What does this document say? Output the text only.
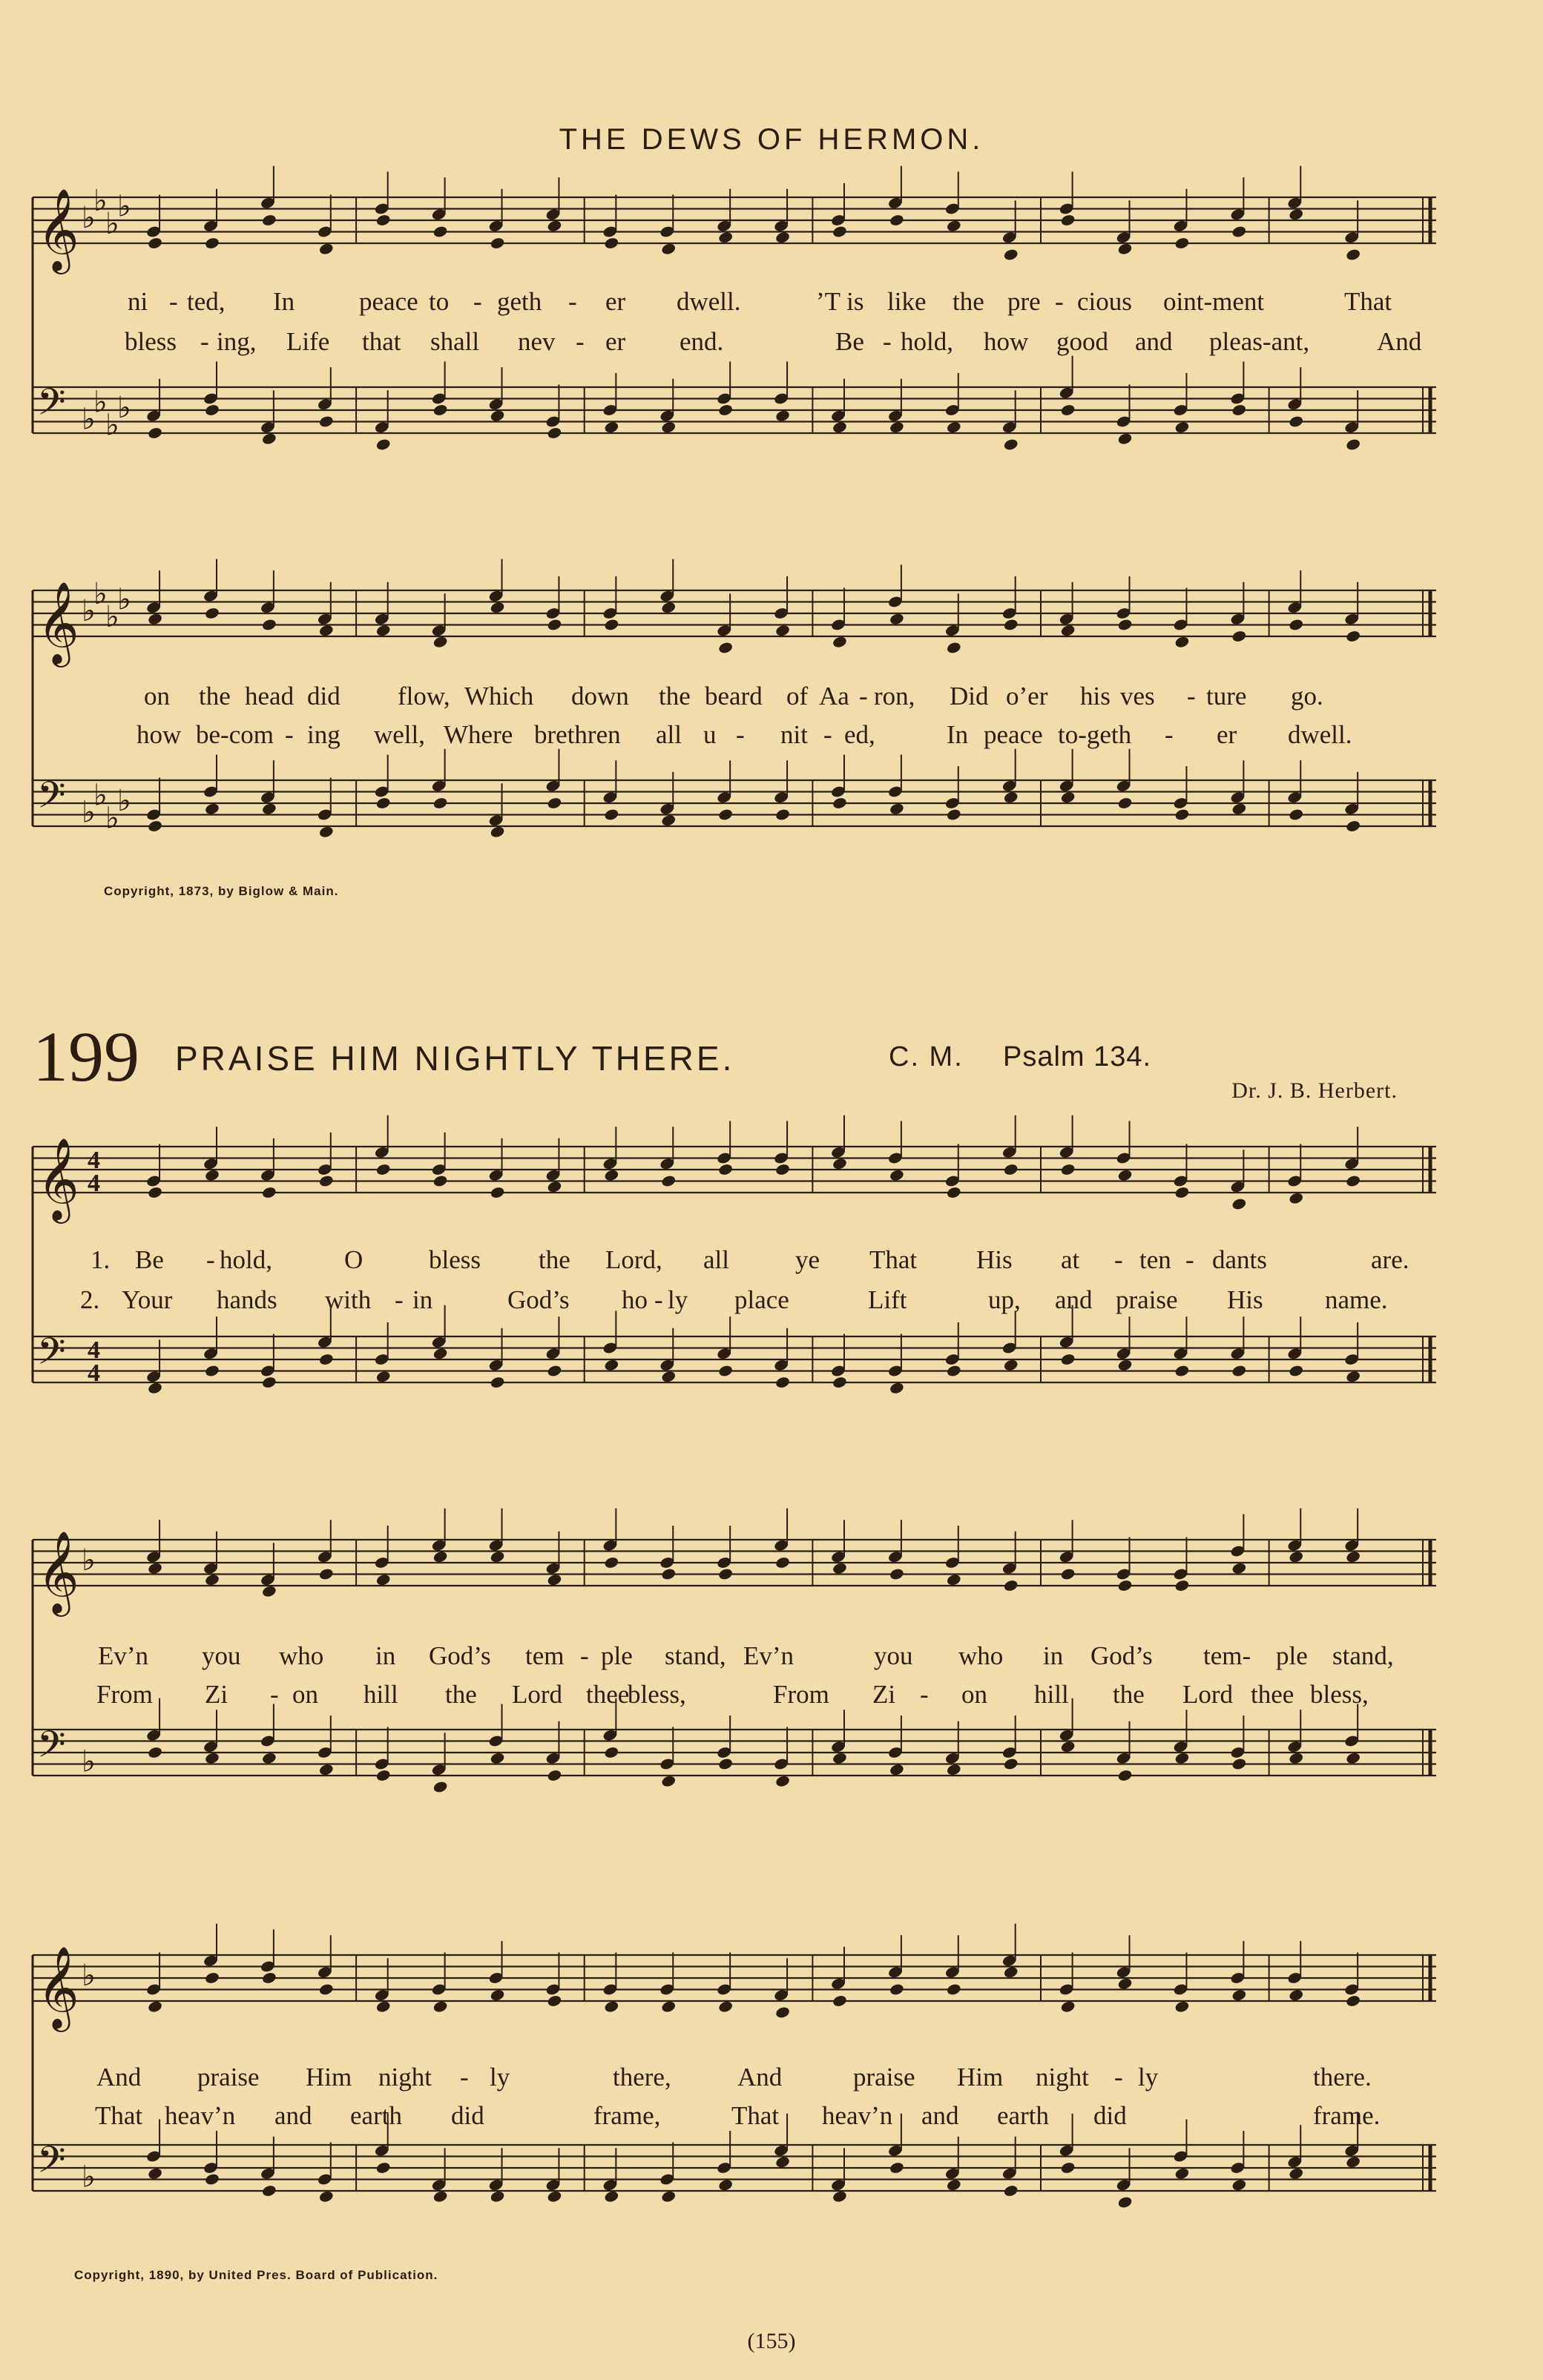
THE DEWS OF HERMON.
𝄞 ♭
♭
♭
♭
𝄢 ♭
♭
♭
♭
ni - ted, In peace to - geth - er dwell.	’T is like the pre - cious oint-ment	That
bless - ing, Life that shall nev - er end.	Be - hold, how good and pleas-ant,	And
𝄞 ♭
♭
♭
♭
𝄢 ♭
♭
♭
♭
on the head did flow, Which down the beard of Aa - ron, Did o’er his ves - ture go.
how be-com - ing well, Where brethren all u - nit - ed,	In peace to-geth - er dwell.
Copyright, 1873, by Biglow & Main.
199 PRAISE HIM NIGHTLY THERE.	C. M. Psalm 134.
Dr. J. B. Herbert.
𝄞 4
4
𝄢 4
4
1. Be - hold,	O	bless the Lord, all	ye That His at - ten - dants	are.
2. Your hands with - in	God’s ho - ly place	Lift	up, and praise His name.
𝄞 ♭
𝄢 ♭
Ev’n you who in God’s tem - ple stand, Ev’n	you who in God’s tem- ple stand,
From Zi - on hill the Lord thee
bless,	From Zi - on hill the Lord thee bless,
𝄞 ♭
𝄢 ♭
And praise Him night - ly	there,	And	praise Him night - ly	there.
That heav’n and earth did	frame,	That heav’n and earth did	frame.
Copyright, 1890, by United Pres. Board of Publication.
(155)
